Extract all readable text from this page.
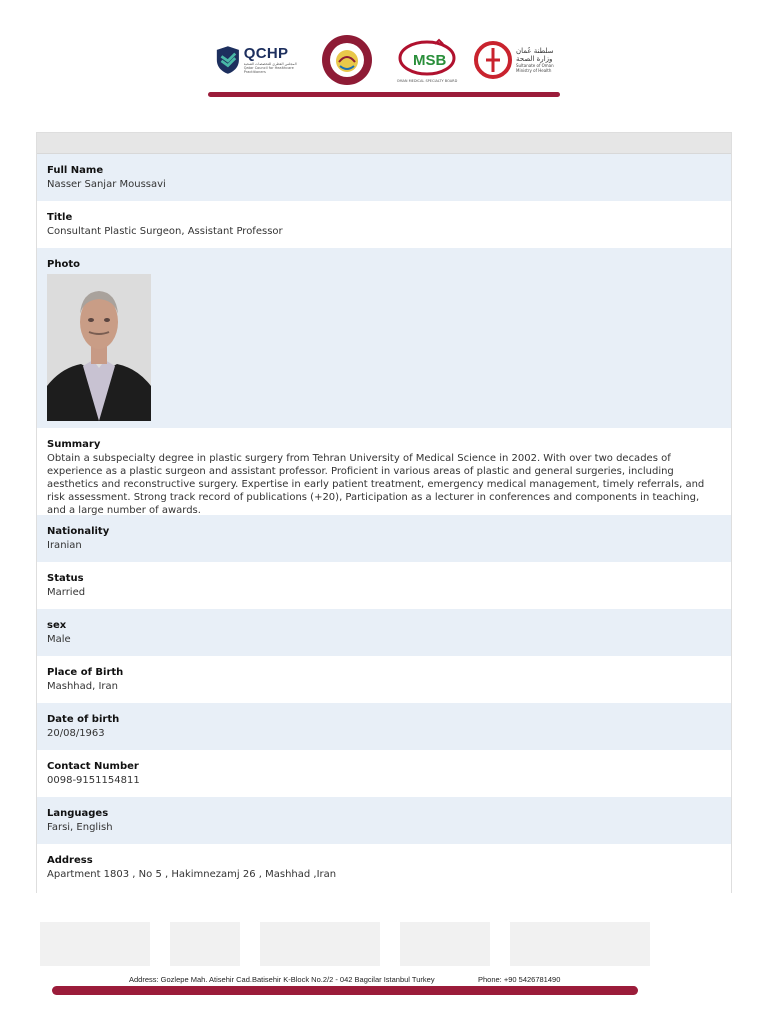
QCHP
المجلس القطري للتخصصات الصحية
Qatar Council for Healthcare Practitioners
MSB
OMAN MEDICAL SPECIALTY BOARD
سلطنة عُمان
وزارة الصحة
Sultanate of Oman
Ministry of Health
Full Name
Nasser Sanjar Moussavi
Title
Consultant Plastic Surgeon, Assistant Professor
Photo
Summary
Obtain a subspecialty degree in plastic surgery from Tehran University of Medical Science in 2002. With over two decades of experience as a plastic surgeon and assistant professor. Proficient in various areas of plastic and general surgeries, including aesthetics and reconstructive surgery. Expertise in early patient treatment, emergency medical management, timely referrals, and risk assessment. Strong track record of publications (+20), Participation as a lecturer in conferences and components in teaching, and a large number of awards.
Nationality
Iranian
Status
Married
sex
Male
Place of Birth
Mashhad, Iran
Date of birth
20/08/1963
Contact Number
0098-9151154811
Languages
Farsi, English
Address
Apartment 1803 , No 5 , Hakimnezamj 26 , Mashhad ,Iran
Address: Gozlepe Mah. Atisehir Cad.Batisehir K-Block No.2/2 - 042 Bagcilar Istanbul Turkey	Phone: +90 5426781490
